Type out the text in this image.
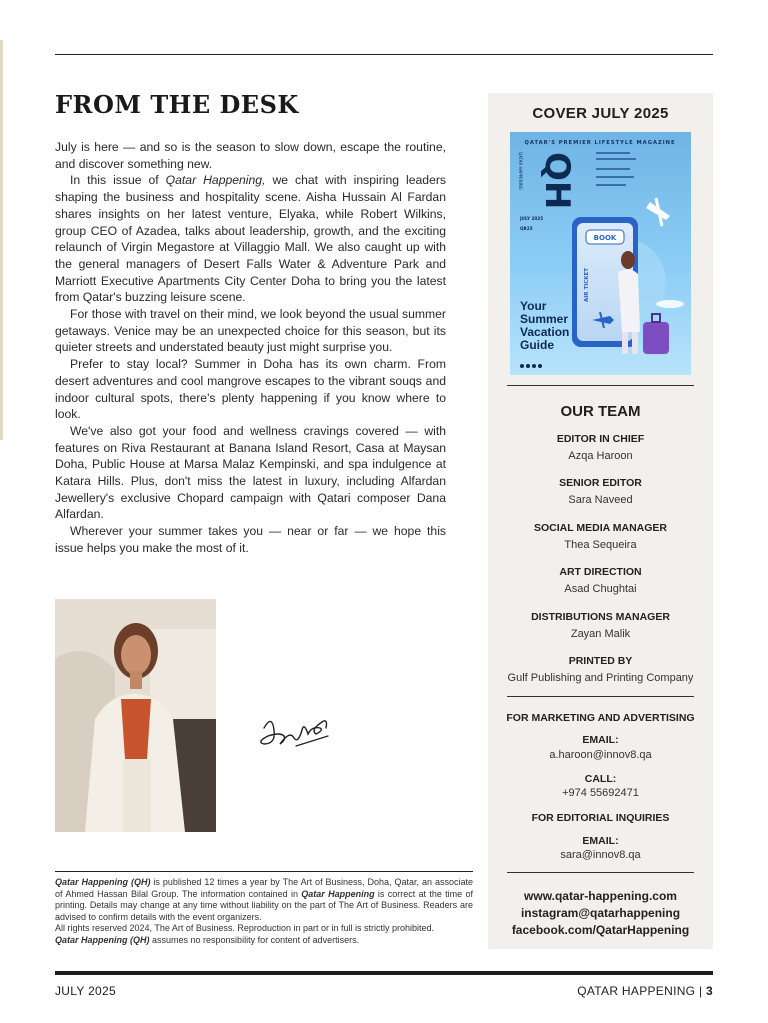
FROM THE DESK

July is here — and so is the season to slow down, escape the routine, and discover something new.

In this issue of Qatar Happening, we chat with inspiring leaders shaping the business and hospitality scene. Aisha Hussain Al Fardan shares insights on her latest venture, Elyaka, while Robert Wilkins, group CEO of Azadea, talks about leadership, growth, and the exciting relaunch of Virgin Megastore at Villaggio Mall. We also caught up with the general managers of Desert Falls Water & Adventure Park and Marriott Executive Apartments City Center Doha to bring you the latest from Qatar's buzzing leisure scene.

For those with travel on their mind, we look beyond the usual summer getaways. Venice may be an unexpected choice for this season, but its quieter streets and understated beauty just might surprise you.

Prefer to stay local? Summer in Doha has its own charm. From desert adventures and cool mangrove escapes to the vibrant souqs and indoor cultural spots, there's plenty happening if you know where to look.

We've also got your food and wellness cravings covered — with features on Riva Restaurant at Banana Island Resort, Casa at Maysan Doha, Public House at Marsa Malaz Kempinski, and spa indulgence at Katara Hills. Plus, don't miss the latest in luxury, including Alfardan Jewellery's exclusive Chopard campaign with Qatari composer Dana Alfardan.

Wherever your summer takes you — near or far — we hope this issue helps you make the most of it.

Qatar Happening (QH) is published 12 times a year by The Art of Business, Doha, Qatar, an associate of Ahmed Hassan Bilal Group. The information contained in Qatar Happening is correct at the time of printing. Details may change at any time without liability on the part of The Art of Business. Readers are advised to confirm details with the event organizers.
All rights reserved 2024, The Art of Business. Reproduction in part or in full is strictly prohibited.
Qatar Happening (QH) assumes no responsibility for content of advertisers.
COVER JULY 2025
QATAR'S PREMIER LIFESTYLE MAGAZINE
QH
QATAR HAPPENING
JULY 2025
QR25
BOOK
AIR TICKET
Your
Summer
Vacation
Guide
OUR TEAM
EDITOR IN CHIEF
Azqa Haroon
SENIOR EDITOR
Sara Naveed
SOCIAL MEDIA MANAGER
Thea Sequeira
ART DIRECTION
Asad Chughtai
DISTRIBUTIONS MANAGER
Zayan Malik
PRINTED BY
Gulf Publishing and Printing Company
FOR MARKETING AND ADVERTISING
EMAIL:
a.haroon@innov8.qa
CALL:
+974 55692471
FOR EDITORIAL INQUIRIES
EMAIL:
sara@innov8.qa
www.qatar-happening.com
instagram@qatarhappening
facebook.com/QatarHappening
JULY 2025	QATAR HAPPENING | 3
